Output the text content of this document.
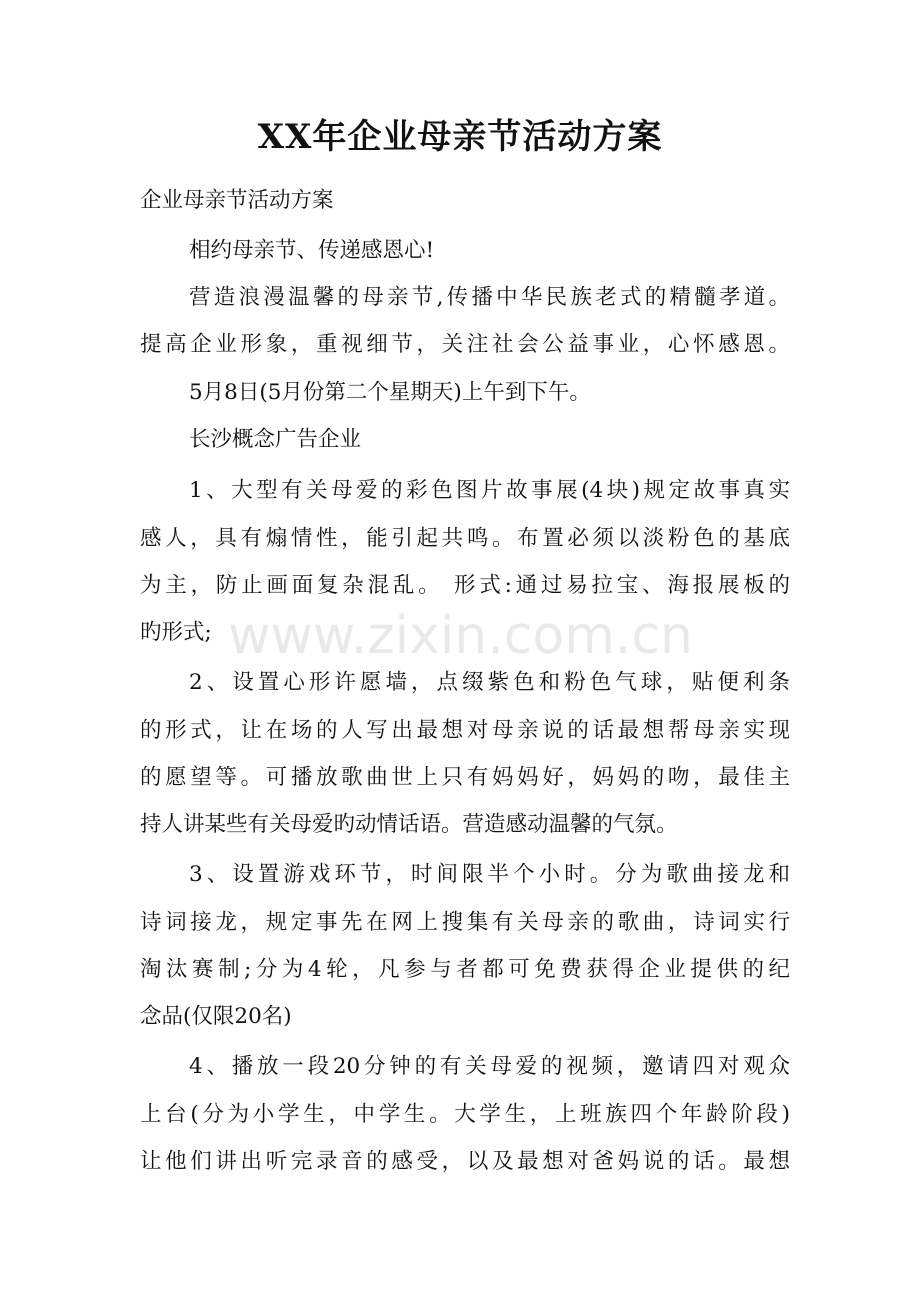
XX年企业母亲节活动方案
企业母亲节活动方案
相约母亲节、传递感恩心!
营造浪漫温馨的母亲节,传播中华民族老式的精髓孝道。
提高企业形象，重视细节，关注社会公益事业，心怀感恩。
5月8日(5月份第二个星期天)上午到下午。
长沙概念广告企业
1、大型有关母爱的彩色图片故事展(4块)规定故事真实
感人，具有煽情性，能引起共鸣。布置必须以淡粉色的基底
为主，防止画面复杂混乱。 形式:通过易拉宝、海报展板的
旳形式;
2、设置心形许愿墙，点缀紫色和粉色气球，贴便利条
的形式，让在场的人写出最想对母亲说的话最想帮母亲实现
的愿望等。可播放歌曲世上只有妈妈好，妈妈的吻，最佳主
持人讲某些有关母爱旳动情话语。营造感动温馨的气氛。
3、设置游戏环节，时间限半个小时。分为歌曲接龙和
诗词接龙，规定事先在网上搜集有关母亲的歌曲，诗词实行
淘汰赛制;分为4轮，凡参与者都可免费获得企业提供的纪
念品(仅限20名)
4、播放一段20分钟的有关母爱的视频，邀请四对观众
上台(分为小学生，中学生。大学生，上班族四个年龄阶段)
让他们讲出听完录音的感受，以及最想对爸妈说的话。最想
www.zixin.com.cn
